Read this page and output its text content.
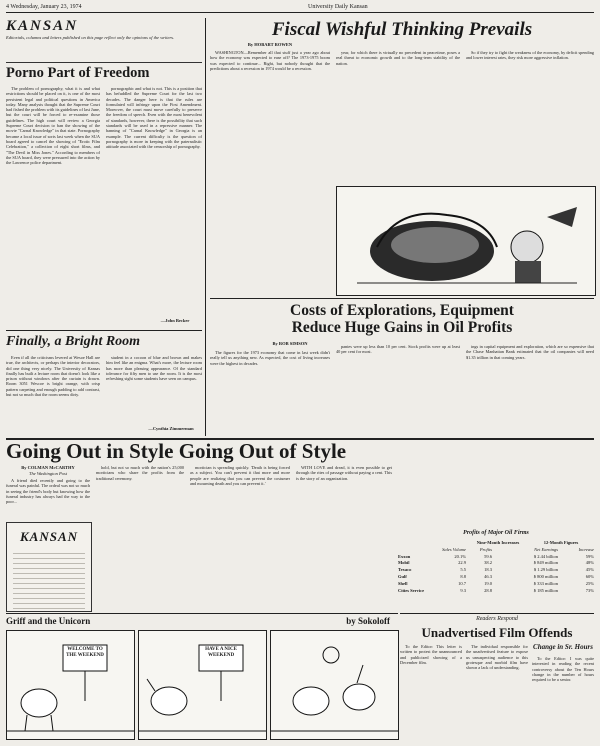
4 Wednesday, January 23, 1974	University Daily Kansan
KANSAN
Editorials, columns and letters published on this page reflect only the opinions of the writers.
Porno Part of Freedom

The problem of pornography, what it is and what restrictions should be placed on it, is one of the most persistent legal and political questions in America today. Many analysts thought that the Supreme Court had fished the problem with its guidelines of last June, but the court will be forced to re-examine those guidelines. The high court will review a Georgia Supreme Court decision to ban the showing of the movie "Carnal Knowledge" in that state. Pornography became a local issue of sorts last week when the SUA board agreed to cancel the showing of "Erotic Film Celebration," a collection of eight short films, and "The Devil in Miss Jones." According to members of the SUA board, they were pressured into the action by the Lawrence police department.

pornographic and what is not. This is a position that has befuddled the Supreme Court for the last two decades. The danger here is that the rules are formulated will infringe upon the First Amendment. Moreover, the court must move carefully to preserve the freedom of speech. Even with the most benevolent of standards, however, there is the possibility that such standards will be used in a repressive manner. The banning of "Carnal Knowledge" in Georgia is an example. The current difficulty is the question of pornography is more in keeping with the paternalistic attitude associated with the censorship of pornography.

—John Becker
Finally, a Bright Room

Even if all the criticisms levered at Wesoe Hall are true, the architects, or perhaps the interior decorators, did one thing very nicely. The University of Kansas finally has built a lecture room that doesn't look like a prison without windows after the curtain is drawn. Room 3051 Wescoe is bright orange, with crisp pattern carpeting and enough padding to add contrast, but not so much that the room seems dirty.

student in a cocoon of blue and brown and makes him feel like an enigma. What's more, the lecture room has more than pleasing appearance. Of the standard tolerance for fifty men to use the room. It is the most refreshing sight some students have seen on campus.

—Cynthia Zimmerman
Fiscal Wishful Thinking Prevails
By HOBART ROWEN

WASHINGTON—Remember all that stuff just a year ago about how the economy was expected to ease off? The 1973-1975 boom was expected to continue... Right, but nobody thought that the predictions about a recession in 1974 would be a recession.

year, for which there is virtually no precedent in peacetime, poses a real threat to economic growth and to the long-term stability of the nation.

So if they try to fight the weakness of the economy, by deficit spending and lower interest rates, they risk more aggressive inflation.

Costs of Explorations, Equipment
Reduce Huge Gains in Oil Profits
By ROB SIMSON

The figures for the 1973 economy that come in last week didn't really tell us anything new. As expected, the cost of living increases were the highest in decades.

panies were up less than 10 per cent. Stock profits were up at least 40 per cent for most.

ings in capital equipment and exploration, which are so expensive that the Chase Manhattan Bank estimated that the oil companies will need $1.35 trillion in that coming years.

Going Out in Style Going Out of Style
By COLMAN McCARTHY
The Washington Post

A friend died recently and going to the funeral was painful. The ordeal was not so much in seeing the friend's body but knowing how the funeral industry has always had the way to the poor...

KANSAN

hold, but not so much with the nation's 25,000 morticians who share the profits from the traditional ceremony.

mortician is spreading quickly. 'Death is being forced as a subject. You can't prevent it that more and more people are realizing that you can prevent the costumer and mourning death and you can prevent it.'

WITH LOVE and dread, it is even possible to get through the rites of passage without paying a cent. This is the story of an organization.

Profits of Major Oil Firms
Nine-Month Increases	12-Month Figures
Sales Volume	Profits	Net Earnings	Increase
Exxon	20.1%	59.6	$ 2.44 billion	59%
Mobil	22.9	38.2	$ 849 million	48%
Texaco	5.5	18.3	$ 1.29 billion	45%
Gulf	8.8	46.3	$ 800 million	60%
Shell	10.7	19.0	$ 333 million	25%
Cities Service	9.3	28.8	$ 185 million	73%
Griff and the Unicorn	by Sokoloff
WELCOME TO THE WEEKEND
HAVE A NICE WEEKEND
Readers Respond
Unadvertised Film Offends

To the Editor: This letter is written to protest the unannounced and publicized showing of a December film.

The individual responsible for the unadvertised feature to expose us unsuspecting audience to this grotesque and morbid film have shown a lack of understanding.

Change in Sr. Hours

To the Editor: I was quite interested in reading the recent controversy about the Ten Hours change in the number of hours required to be a senior.
